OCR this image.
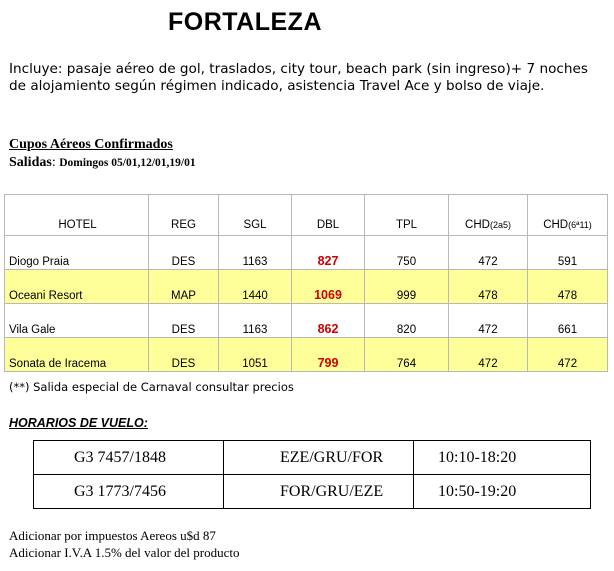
FORTALEZA
Incluye: pasaje aéreo de gol, traslados, city tour, beach park (sin ingreso)+ 7 noches de alojamiento según régimen indicado, asistencia Travel Ace y bolso de viaje.
Cupos Aéreos Confirmados
Salidas: Domingos 05/01,12/01,19/01
HOTEL	REG	SGL	DBL	TPL	CHD(2a5)	CHD(6ª11)
Diogo Praia	DES	1163	827	750	472	591
Oceani Resort	MAP	1440	1069	999	478	478
Vila Gale	DES	1163	862	820	472	661
Sonata de Iracema	DES	1051	799	764	472	472
(**) Salida especial de Carnaval consultar precios
HORARIOS DE VUELO:
G3 7457/1848	EZE/GRU/FOR	10:10-18:20
G3 1773/7456	FOR/GRU/EZE	10:50-19:20
Adicionar por impuestos Aereos u$d 87
Adicionar I.V.A 1.5% del valor del producto
